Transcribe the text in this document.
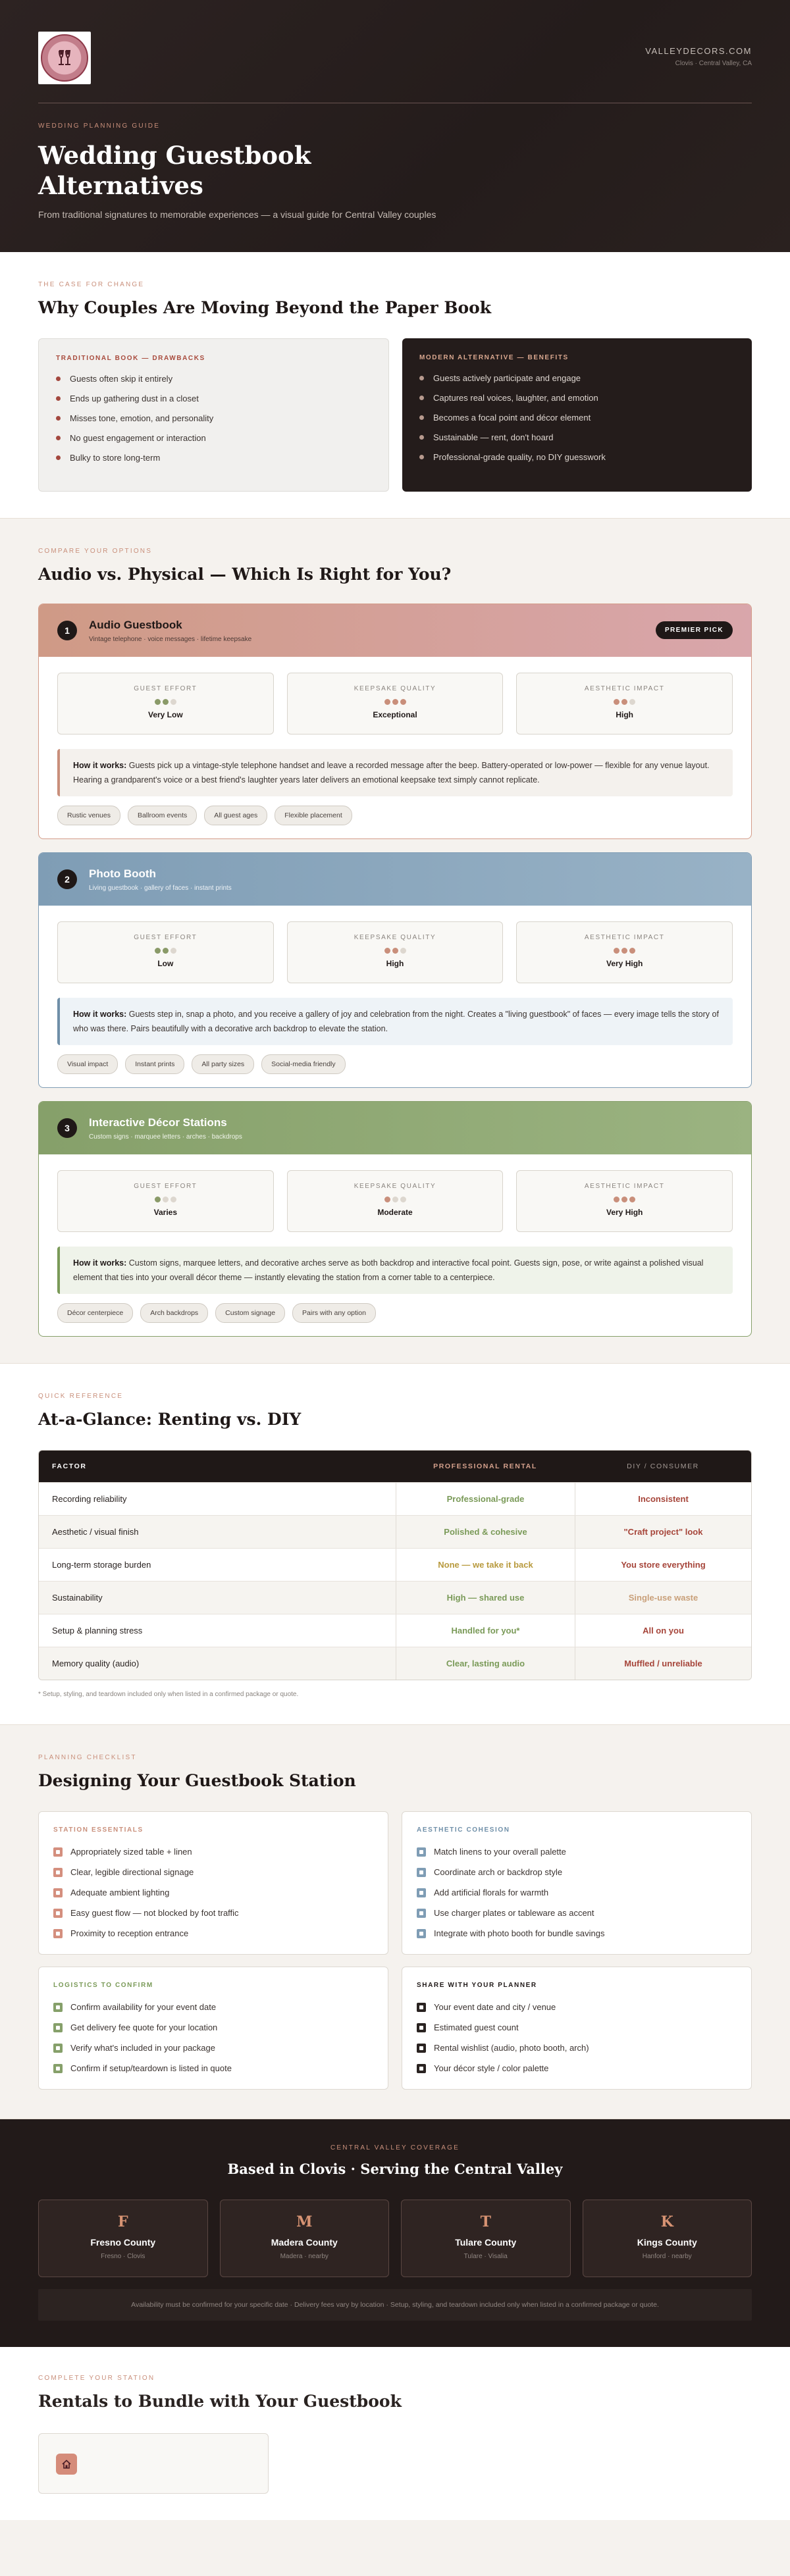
VALLEYDECORS.COM
Clovis · Central Valley, CA
WEDDING PLANNING GUIDE
Wedding Guestbook
Alternatives
From traditional signatures to memorable experiences — a visual guide for Central Valley couples
THE CASE FOR CHANGE
Why Couples Are Moving Beyond the Paper Book
TRADITIONAL BOOK — DRAWBACKS
Guests often skip it entirely
Ends up gathering dust in a closet
Misses tone, emotion, and personality
No guest engagement or interaction
Bulky to store long-term
MODERN ALTERNATIVE — BENEFITS
Guests actively participate and engage
Captures real voices, laughter, and emotion
Becomes a focal point and décor element
Sustainable — rent, don't hoard
Professional-grade quality, no DIY guesswork
COMPARE YOUR OPTIONS
Audio vs. Physical — Which Is Right for You?
1	Audio Guestbook
Vintage telephone · voice messages · lifetime keepsake
PREMIER PICK
GUEST EFFORT
Very Low
KEEPSAKE QUALITY
Exceptional
AESTHETIC IMPACT
High
How it works: Guests pick up a vintage-style telephone handset and leave a recorded message after the beep. Battery-operated or low-power — flexible for any venue layout. Hearing a grandparent's voice or a best friend's laughter years later delivers an emotional keepsake text simply cannot replicate.
Rustic venues	Ballroom events	All guest ages	Flexible placement
2	Photo Booth
Living guestbook · gallery of faces · instant prints
GUEST EFFORT
Low
KEEPSAKE QUALITY
High
AESTHETIC IMPACT
Very High
How it works: Guests step in, snap a photo, and you receive a gallery of joy and celebration from the night. Creates a "living guestbook" of faces — every image tells the story of who was there. Pairs beautifully with a decorative arch backdrop to elevate the station.
Visual impact	Instant prints	All party sizes	Social-media friendly
3	Interactive Décor Stations
Custom signs · marquee letters · arches · backdrops
GUEST EFFORT
Varies
KEEPSAKE QUALITY
Moderate
AESTHETIC IMPACT
Very High
How it works: Custom signs, marquee letters, and decorative arches serve as both backdrop and interactive focal point. Guests sign, pose, or write against a polished visual element that ties into your overall décor theme — instantly elevating the station from a corner table to a centerpiece.
Décor centerpiece	Arch backdrops	Custom signage	Pairs with any option
QUICK REFERENCE
At-a-Glance: Renting vs. DIY
FACTOR	PROFESSIONAL RENTAL	DIY / CONSUMER
Recording reliability	Professional-grade	Inconsistent
Aesthetic / visual finish	Polished & cohesive	"Craft project" look
Long-term storage burden	None — we take it back	You store everything
Sustainability	High — shared use	Single-use waste
Setup & planning stress	Handled for you*	All on you
Memory quality (audio)	Clear, lasting audio	Muffled / unreliable
* Setup, styling, and teardown included only when listed in a confirmed package or quote.
PLANNING CHECKLIST
Designing Your Guestbook Station
STATION ESSENTIALS
Appropriately sized table + linen
Clear, legible directional signage
Adequate ambient lighting
Easy guest flow — not blocked by foot traffic
Proximity to reception entrance
AESTHETIC COHESION
Match linens to your overall palette
Coordinate arch or backdrop style
Add artificial florals for warmth
Use charger plates or tableware as accent
Integrate with photo booth for bundle savings
LOGISTICS TO CONFIRM
Confirm availability for your event date
Get delivery fee quote for your location
Verify what's included in your package
Confirm if setup/teardown is listed in quote
SHARE WITH YOUR PLANNER
Your event date and city / venue
Estimated guest count
Rental wishlist (audio, photo booth, arch)
Your décor style / color palette
CENTRAL VALLEY COVERAGE
Based in Clovis · Serving the Central Valley
F
Fresno County
Fresno · Clovis
M
Madera County
Madera · nearby
T
Tulare County
Tulare · Visalia
K
Kings County
Hanford · nearby
Availability must be confirmed for your specific date · Delivery fees vary by location · Setup, styling, and teardown included only when listed in a confirmed package or quote.
COMPLETE YOUR STATION
Rentals to Bundle with Your Guestbook
